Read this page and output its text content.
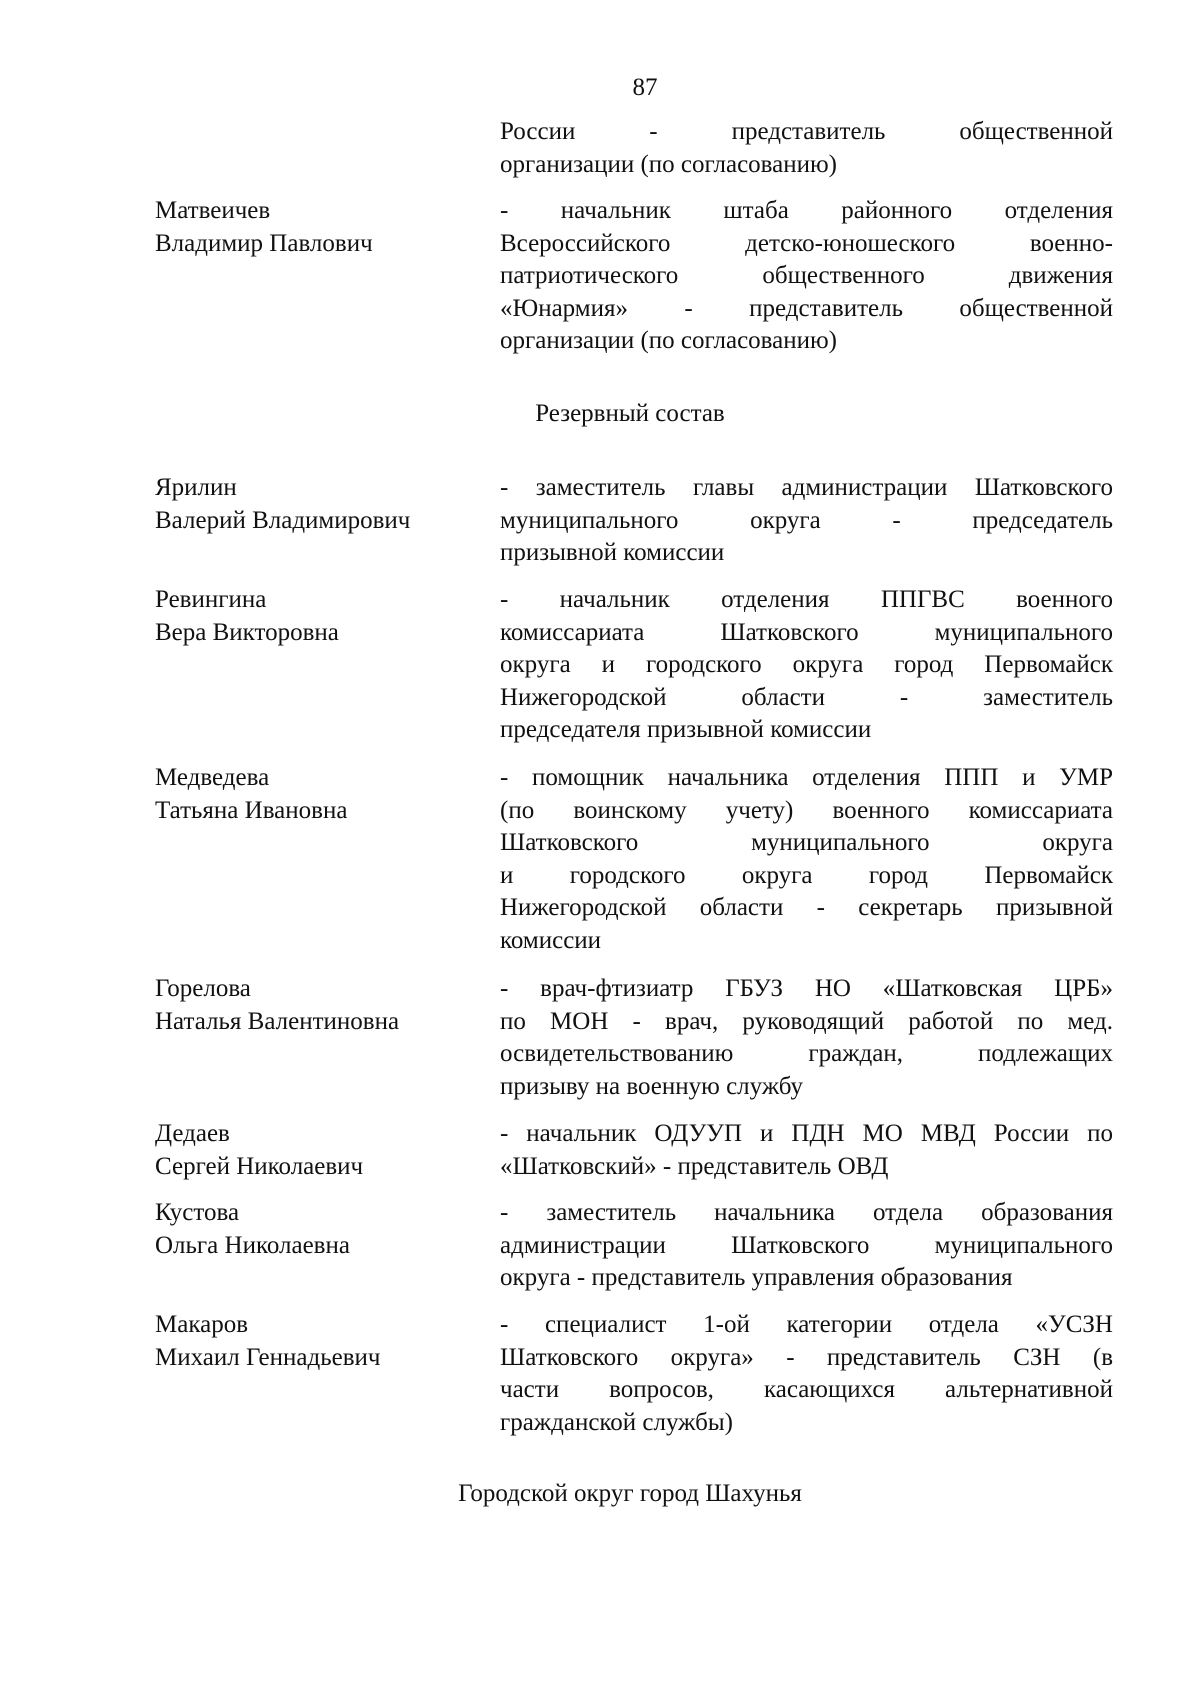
87
России - представитель общественной
организации (по согласованию)
Матвеичев
Владимир Павлович
- начальник штаба районного отделения
Всероссийского детско-юношеского военно-
патриотического общественного движения
«Юнармия» - представитель общественной
организации (по согласованию)
Резервный состав
Ярилин
Валерий Владимирович
- заместитель главы администрации Шатковского
муниципального округа - председатель
призывной комиссии
Ревингина
Вера Викторовна
- начальник отделения ППГВС военного
комиссариата Шатковского муниципального
округа и городского округа город Первомайск
Нижегородской области - заместитель
председателя призывной комиссии
Медведева
Татьяна Ивановна
- помощник начальника отделения ППП и УМР
(по воинскому учету) военного комиссариата
Шатковского муниципального округа
и городского округа город Первомайск
Нижегородской области - секретарь призывной
комиссии
Горелова
Наталья Валентиновна
- врач-фтизиатр ГБУЗ НО «Шатковская ЦРБ»
по МОН - врач, руководящий работой по мед.
освидетельствованию граждан, подлежащих
призыву на военную службу
Дедаев
Сергей Николаевич
- начальник ОДУУП и ПДН МО МВД России по
«Шатковский» - представитель ОВД
Кустова
Ольга Николаевна
- заместитель начальника отдела образования
администрации Шатковского муниципального
округа - представитель управления образования
Макаров
Михаил Геннадьевич
- специалист 1-ой категории отдела «УСЗН
Шатковского округа» - представитель СЗН (в
части вопросов, касающихся альтернативной
гражданской службы)
Городской округ город Шахунья
